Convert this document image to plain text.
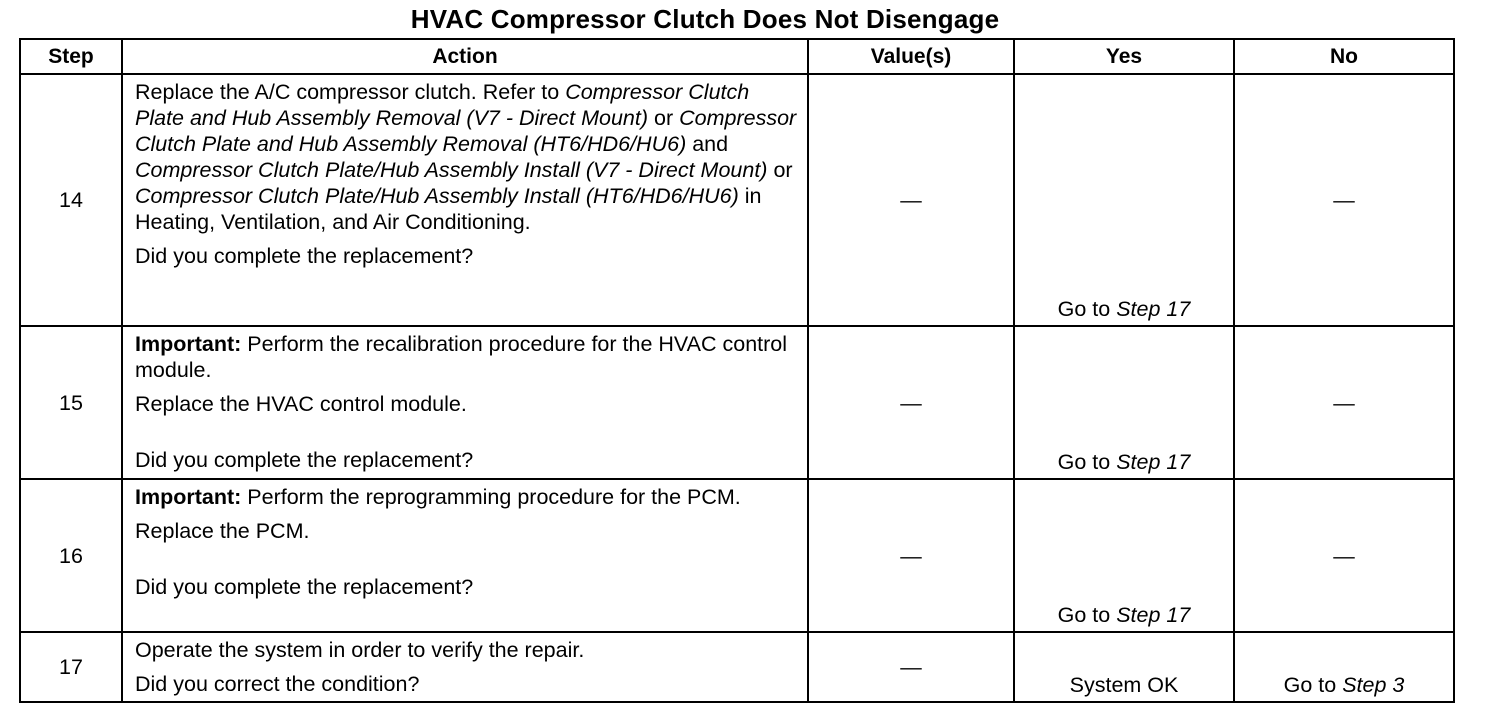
HVAC Compressor Clutch Does Not Disengage
Step	Action	Value(s)	Yes	No
14	Replace the A/C compressor clutch. Refer to Compressor Clutch Plate and Hub Assembly Removal (V7 - Direct Mount) or Compressor Clutch Plate and Hub Assembly Removal (HT6/HD6/HU6) and Compressor Clutch Plate/Hub Assembly Install (V7 - Direct Mount) or Compressor Clutch Plate/Hub Assembly Install (HT6/HD6/HU6) in Heating, Ventilation, and Air Conditioning.
Did you complete the replacement?	—	Go to Step 17	—
15	Important: Perform the recalibration procedure for the HVAC control module.
Replace the HVAC control module.
Did you complete the replacement?	—	Go to Step 17	—
16	Important: Perform the reprogramming procedure for the PCM.
Replace the PCM.
Did you complete the replacement?	—	Go to Step 17	—
17	Operate the system in order to verify the repair.
Did you correct the condition?	—	System OK	Go to Step 3
